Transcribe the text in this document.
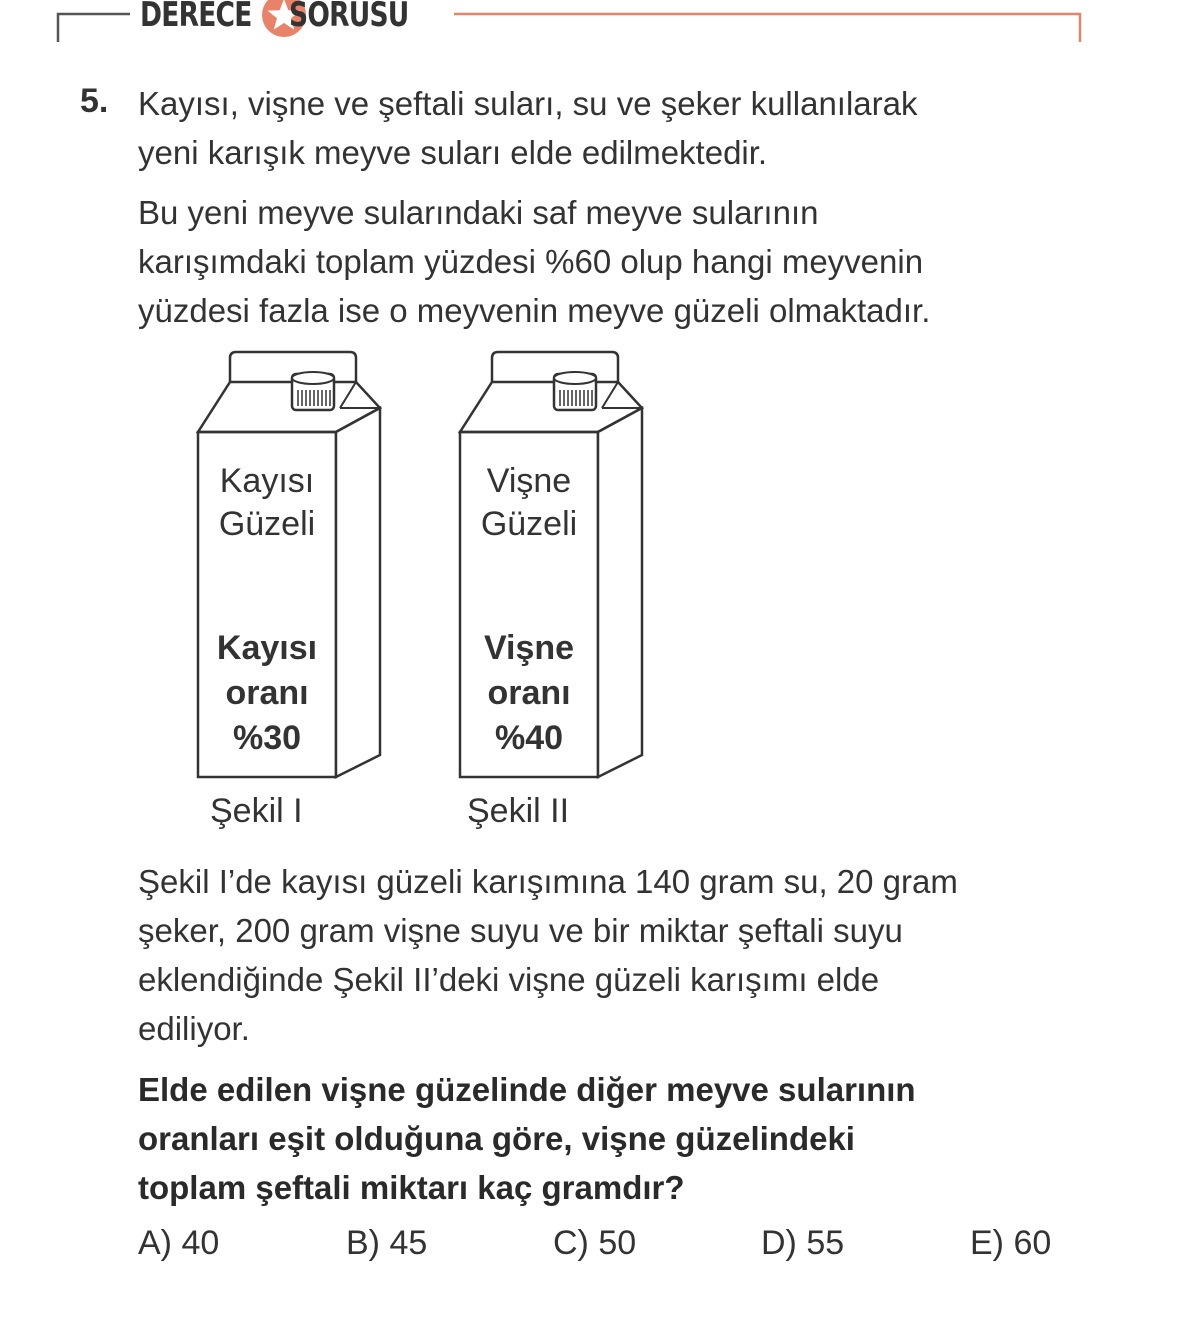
DERECE SORUSU
5. Kayısı, vişne ve şeftali suları, su ve şeker kullanılarak
yeni karışık meyve suları elde edilmektedir.
Bu yeni meyve sularındaki saf meyve sularının
karışımdaki toplam yüzdesi %60 olup hangi meyvenin
yüzdesi fazla ise o meyvenin meyve güzeli olmaktadır.
Kayısı
Güzeli
Kayısı
oranı
%30
Vişne
Güzeli
Vişne
oranı
%40
Şekil I	Şekil II
Şekil I’de kayısı güzeli karışımına 140 gram su, 20 gram
şeker, 200 gram vişne suyu ve bir miktar şeftali suyu
eklendiğinde Şekil II’deki vişne güzeli karışımı elde
ediliyor.
Elde edilen vişne güzelinde diğer meyve sularının
oranları eşit olduğuna göre, vişne güzelindeki
toplam şeftali miktarı kaç gramdır?
A) 40	B) 45	C) 50	D) 55	E) 60
